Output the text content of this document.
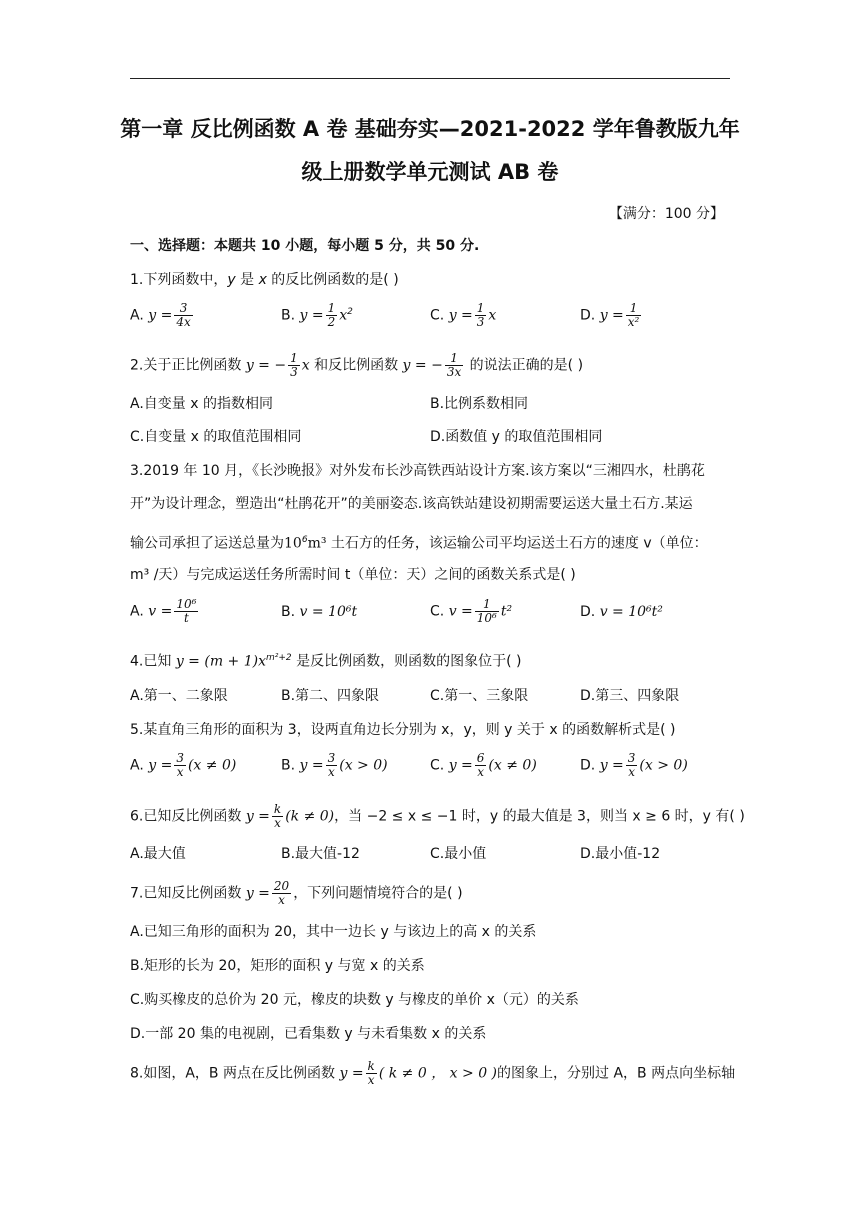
第一章 反比例函数 A 卷 基础夯实—2021-2022 学年鲁教版九年
级上册数学单元测试 AB 卷
【满分：100 分】
一、选择题：本题共 10 小题，每小题 5 分，共 50 分.
1.下列函数中，y 是 x 的反比例函数的是( )
A. $y = \frac{3}{4x}$	B. $y = \frac{1}{2} x^2$	C. $y = \frac{1}{3}$ x	D. $y = \frac{1}{\text{x²}}$
2.关于正比例函数 y = − $\frac{1}{3}$ x 和反比例函数 y = − $\frac{1}{3x}$ 的说法正确的是( )
A.自变量 x 的指数相同	B.比例系数相同
C.自变量 x 的取值范围相同	D.函数值 y 的取值范围相同
3.2019 年 10 月，《长沙晚报》对外发布长沙高铁西站设计方案.该方案以“三湘四水，杜鹃花
开”为设计理念，塑造出“杜鹃花开”的美丽姿态.该高铁站建设初期需要运送大量土石方.某运
输公司承担了运送总量为$10^6m^3$ 土石方的任务，该运输公司平均运送土石方的速度 v（单位：
m³ /天）与完成运送任务所需时间 t（单位：天）之间的函数关系式是( )
A. $v = \frac{\text{10⁶}}{t}$	B. v = 10⁶t	C. $v = \frac{1}{\text{10⁶}} t^2$	D. v = 10⁶t²
4.已知 $y = (m + 1)x^{m^2+2}$ 是反比例函数，则函数的图象位于( )
A.第一、二象限	B.第二、四象限	C.第一、三象限	D.第三、四象限
5.某直角三角形的面积为 3，设两直角边长分别为 x，y，则 y 关于 x 的函数解析式是( )
A. $y = \frac{3}{x} (x \ne 0)$	B. $y = \frac{3}{x} (x > 0)$	C. $y = \frac{6}{x} (x \ne 0)$	D. $y = \frac{3}{x} (x > 0)$
6.已知反比例函数 $y = \frac{k}{x} (k \ne 0)$，当 −2 ≤ x ≤ −1 时，y 的最大值是 3，则当 x ≥ 6 时，y 有( )
A.最大值	B.最大值-12	C.最小值	D.最小值-12
7.已知反比例函数 $y = \frac{20}{x}$ ，下列问题情境符合的是( )
A.已知三角形的面积为 20，其中一边长 y 与该边上的高 x 的关系
B.矩形的长为 20，矩形的面积 y 与宽 x 的关系
C.购买橡皮的总价为 20 元，橡皮的块数 y 与橡皮的单价 x（元）的关系
D.一部 20 集的电视剧，已看集数 y 与未看集数 x 的关系
8.如图，A，B 两点在反比例函数 $y = \frac{k}{x}$ ( k ≠ 0 ， x > 0 )的图象上，分别过 A，B 两点向坐标轴
